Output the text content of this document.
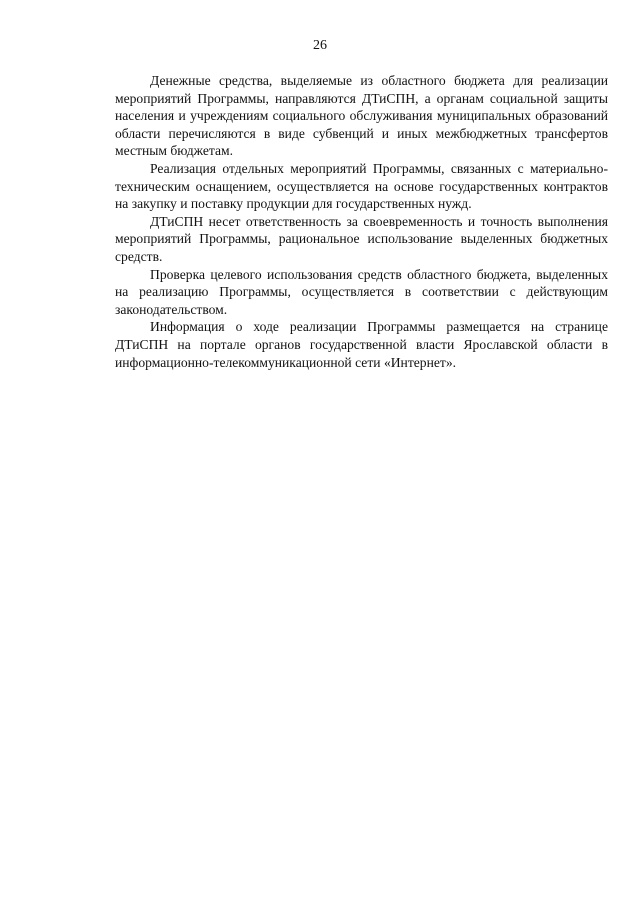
26

Денежные средства, выделяемые из областного бюджета для реализации мероприятий Программы, направляются ДТиСПН, а органам социальной защиты населения и учреждениям социального обслуживания муниципальных образований области перечисляются в виде субвенций и иных межбюджетных трансфертов местным бюджетам.

Реализация отдельных мероприятий Программы, связанных с материально-техническим оснащением, осуществляется на основе государственных контрактов на закупку и поставку продукции для государственных нужд.

ДТиСПН несет ответственность за своевременность и точность выполнения мероприятий Программы, рациональное использование выделенных бюджетных средств.

Проверка целевого использования средств областного бюджета, выделенных на реализацию Программы, осуществляется в соответствии с действующим законодательством.

Информация о ходе реализации Программы размещается на странице ДТиСПН на портале органов государственной власти Ярославской области в информационно-телекоммуникационной сети «Интернет».
